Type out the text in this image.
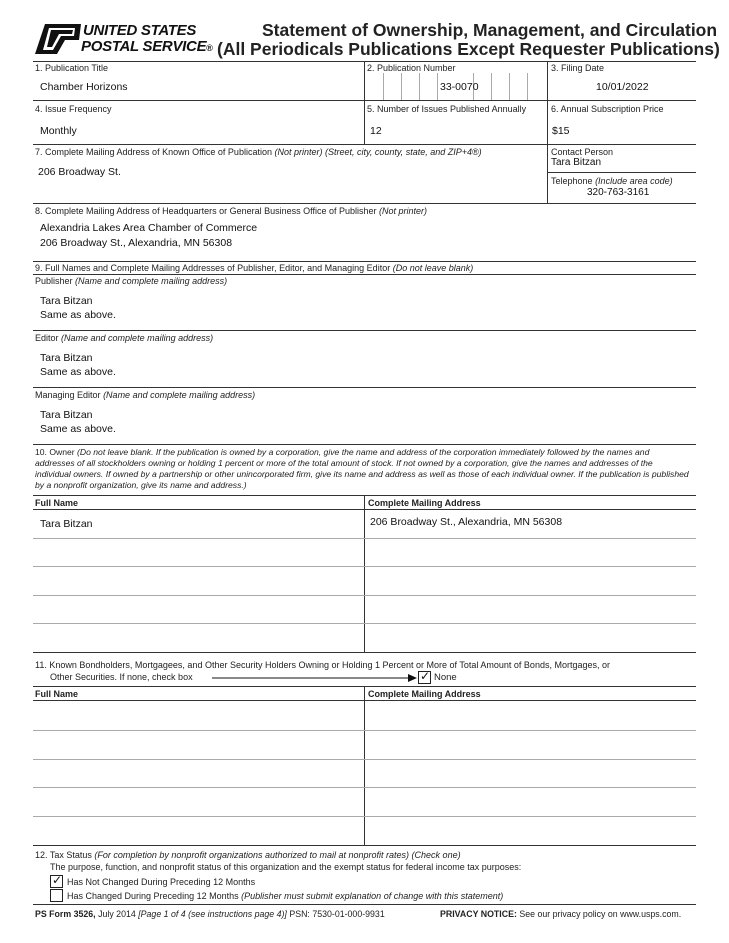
UNITED STATES
POSTAL SERVICE®
Statement of Ownership, Management, and Circulation
(All Periodicals Publications Except Requester Publications)
1. Publication Title
Chamber Horizons
2. Publication Number
33-0070
3. Filing Date
10/01/2022
4. Issue Frequency
Monthly
5. Number of Issues Published Annually
12
6. Annual Subscription Price
$15
7. Complete Mailing Address of Known Office of Publication (Not printer) (Street, city, county, state, and ZIP+4®)
206 Broadway St.
Contact Person
Tara Bitzan
Telephone (Include area code)
320-763-3161
8. Complete Mailing Address of Headquarters or General Business Office of Publisher (Not printer)
Alexandria Lakes Area Chamber of Commerce
206 Broadway St., Alexandria, MN 56308
9. Full Names and Complete Mailing Addresses of Publisher, Editor, and Managing Editor (Do not leave blank)
Publisher (Name and complete mailing address)
Tara Bitzan
Same as above.
Editor (Name and complete mailing address)
Tara Bitzan
Same as above.
Managing Editor (Name and complete mailing address)
Tara Bitzan
Same as above.
10. Owner (Do not leave blank. If the publication is owned by a corporation, give the name and address of the corporation immediately followed by the names and addresses of all stockholders owning or holding 1 percent or more of the total amount of stock. If not owned by a corporation, give the names and addresses of the individual owners. If owned by a partnership or other unincorporated firm, give its name and address as well as those of each individual owner. If the publication is published by a nonprofit organization, give its name and address.)
Full Name	Complete Mailing Address
Tara Bitzan	206 Broadway St., Alexandria, MN 56308
11. Known Bondholders, Mortgagees, and Other Security Holders Owning or Holding 1 Percent or More of Total Amount of Bonds, Mortgages, or
Other Securities. If none, check box	✓ None
Full Name	Complete Mailing Address
12. Tax Status (For completion by nonprofit organizations authorized to mail at nonprofit rates) (Check one)
The purpose, function, and nonprofit status of this organization and the exempt status for federal income tax purposes:
✓ Has Not Changed During Preceding 12 Months
Has Changed During Preceding 12 Months (Publisher must submit explanation of change with this statement)
PS Form 3526, July 2014 [Page 1 of 4 (see instructions page 4)] PSN: 7530-01-000-9931	PRIVACY NOTICE: See our privacy policy on www.usps.com.
